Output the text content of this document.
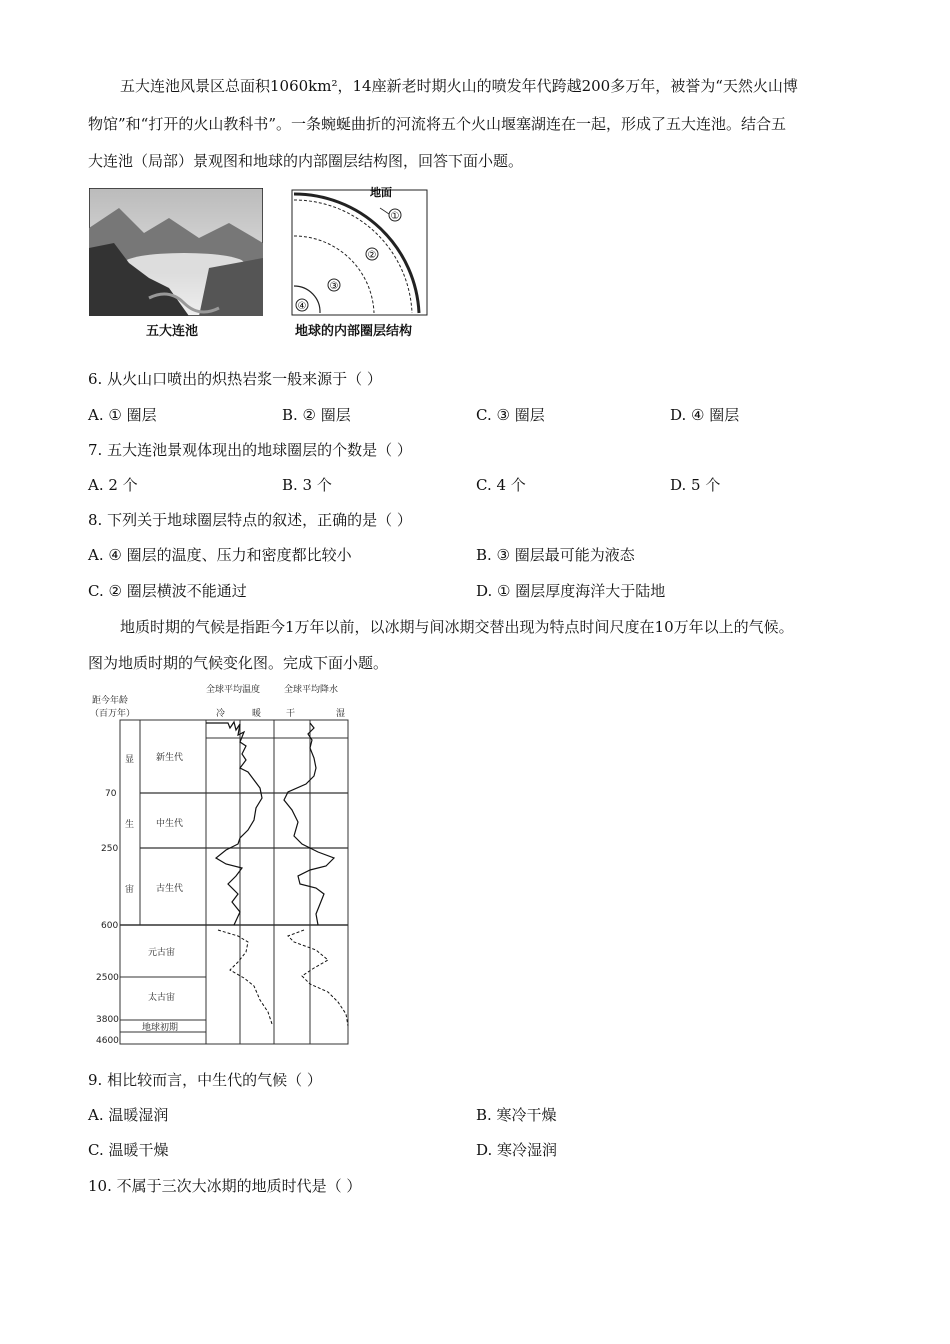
五大连池风景区总面积1060km²，14座新老时期火山的喷发年代跨越200多万年，被誉为“天然火山博
物馆”和“打开的火山教科书”。一条蜿蜒曲折的河流将五个火山堰塞湖连在一起，形成了五大连池。结合五
大连池（局部）景观图和地球的内部圈层结构图，回答下面小题。
五大连池
①
②
③
④
地面
地球的内部圈层结构
6. 从火山口喷出的炽热岩浆一般来源于（ ）
A. ① 圈层	B. ② 圈层	C. ③ 圈层	D. ④ 圈层
7. 五大连池景观体现出的地球圈层的个数是（ ）
A. 2 个	B. 3 个	C. 4 个	D. 5 个
8. 下列关于地球圈层特点的叙述，正确的是（ ）
A. ④ 圈层的温度、压力和密度都比较小	B. ③ 圈层最可能为液态
C. ② 圈层横波不能通过	D. ① 圈层厚度海洋大于陆地
地质时期的气候是指距今1万年以前，以冰期与间冰期交替出现为特点时间尺度在10万年以上的气候。
图为地质时期的气候变化图。完成下面小题。
距今年龄
（百万年）
全球平均温度	全球平均降水
冷	暖	干	湿
显
生
宙
新生代
中生代
古生代
元古宙
太古宙
地球初期
70
250
600
2500
3800
4600
9. 相比较而言，中生代的气候（ ）
A. 温暖湿润	B. 寒冷干燥
C. 温暖干燥	D. 寒冷湿润
10. 不属于三次大冰期的地质时代是（ ）
